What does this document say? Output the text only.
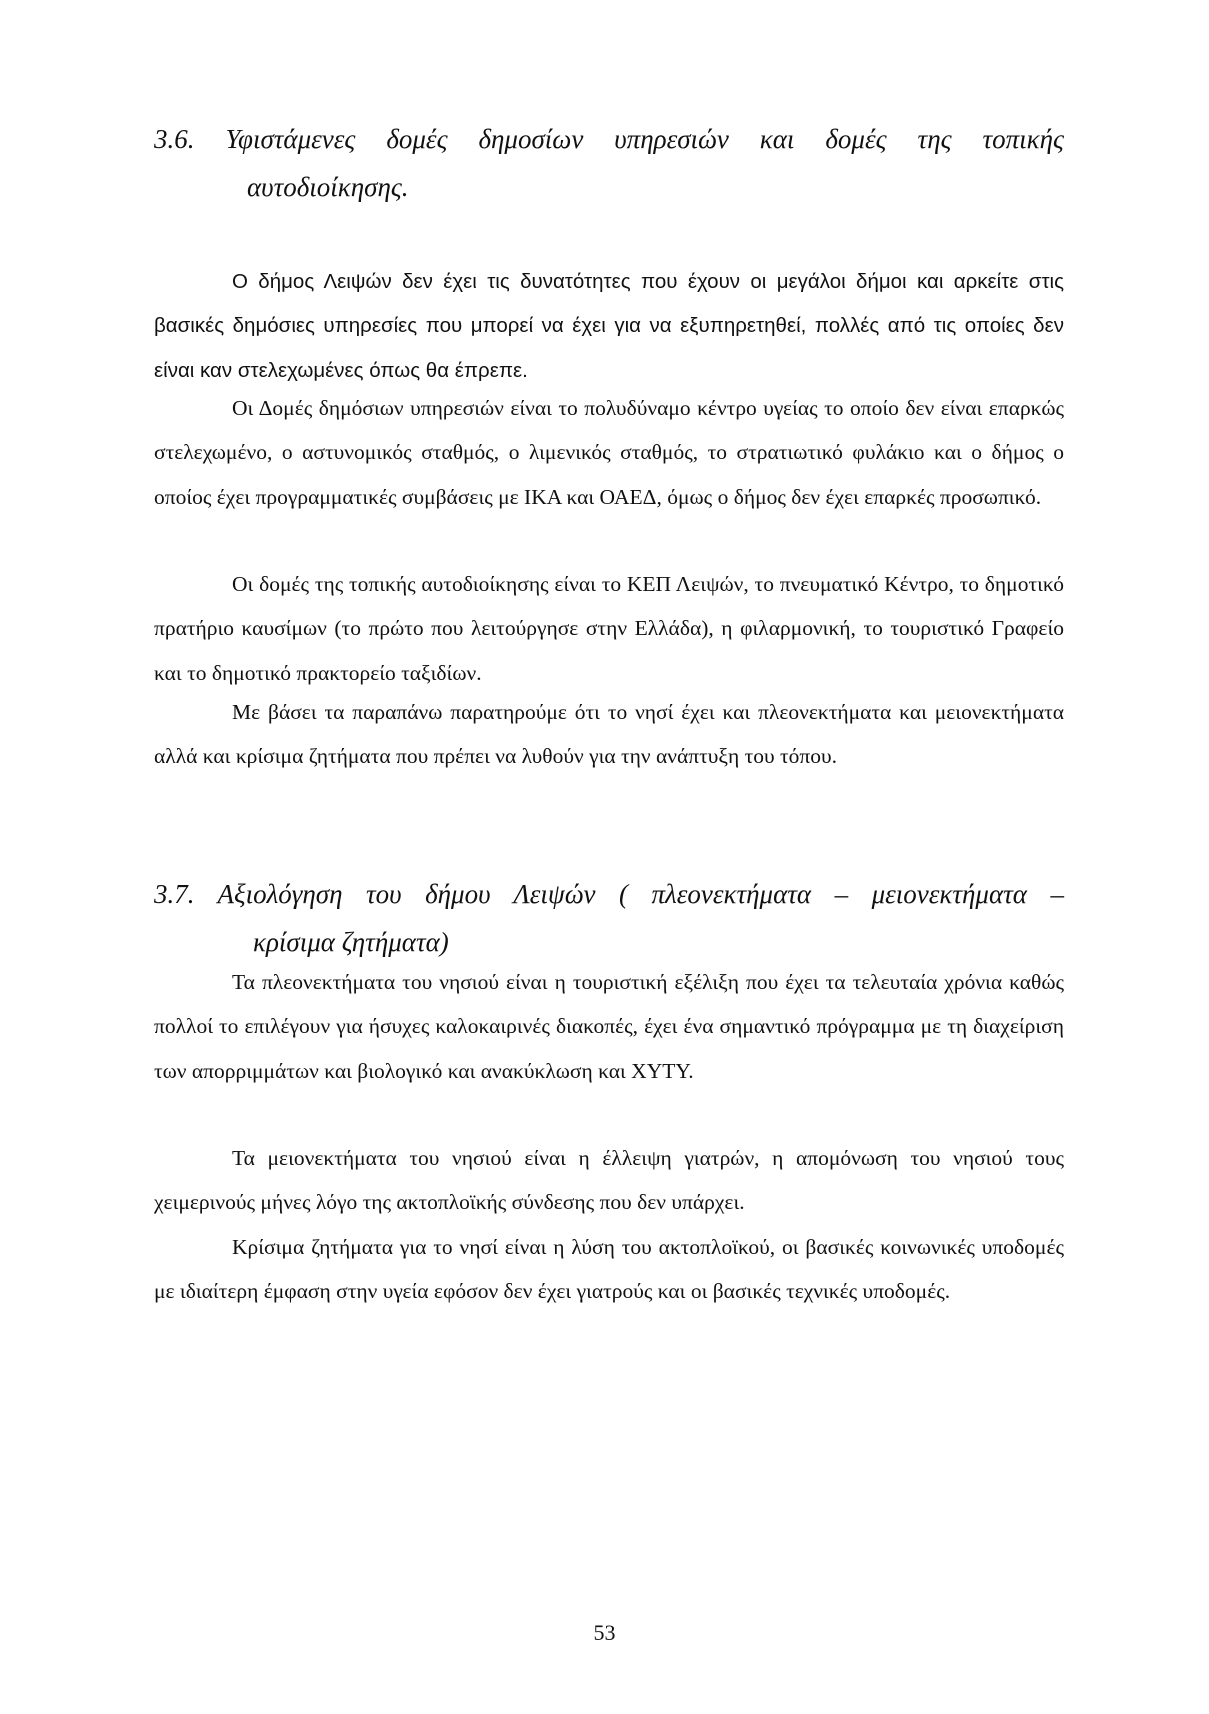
3.6. Υφιστάμενες δομές δημοσίων υπηρεσιών και δομές της τοπικής
αυτοδιοίκησης.

Ο δήμος Λειψών δεν έχει τις δυνατότητες που έχουν οι μεγάλοι δήμοι και αρκείτε στις βασικές δημόσιες υπηρεσίες που μπορεί να έχει για να εξυπηρετηθεί, πολλές από τις οποίες δεν είναι καν στελεχωμένες όπως θα έπρεπε.

Οι Δομές δημόσιων υπηρεσιών είναι το πολυδύναμο κέντρο υγείας το οποίο δεν είναι επαρκώς στελεχωμένο, ο αστυνομικός σταθμός, ο λιμενικός σταθμός, το στρατιωτικό φυλάκιο και ο δήμος ο οποίος έχει προγραμματικές συμβάσεις με ΙΚΑ και ΟΑΕΔ, όμως ο δήμος δεν έχει επαρκές προσωπικό.

Οι δομές της τοπικής αυτοδιοίκησης είναι το ΚΕΠ Λειψών, το πνευματικό Κέντρο, το δημοτικό πρατήριο καυσίμων (το πρώτο που λειτούργησε στην Ελλάδα), η φιλαρμονική, το τουριστικό Γραφείο και το δημοτικό πρακτορείο ταξιδίων.

Με βάσει τα παραπάνω παρατηρούμε ότι το νησί έχει και πλεονεκτήματα και μειονεκτήματα αλλά και κρίσιμα ζητήματα που πρέπει να λυθούν για την ανάπτυξη του τόπου.

3.7. Αξιολόγηση του δήμου Λειψών ( πλεονεκτήματα – μειονεκτήματα –
κρίσιμα ζητήματα)

Τα πλεονεκτήματα του νησιού είναι η τουριστική εξέλιξη που έχει τα τελευταία χρόνια καθώς πολλοί το επιλέγουν για ήσυχες καλοκαιρινές διακοπές, έχει ένα σημαντικό πρόγραμμα με τη διαχείριση των απορριμμάτων και βιολογικό και ανακύκλωση και ΧΥΤΥ.

Τα μειονεκτήματα του νησιού είναι η έλλειψη γιατρών, η απομόνωση του νησιού τους χειμερινούς μήνες λόγο της ακτοπλοϊκής σύνδεσης που δεν υπάρχει.

Κρίσιμα ζητήματα για το νησί είναι η λύση του ακτοπλοϊκού, οι βασικές κοινωνικές υποδομές με ιδιαίτερη έμφαση στην υγεία εφόσον δεν έχει γιατρούς και οι βασικές τεχνικές υποδομές.

53
